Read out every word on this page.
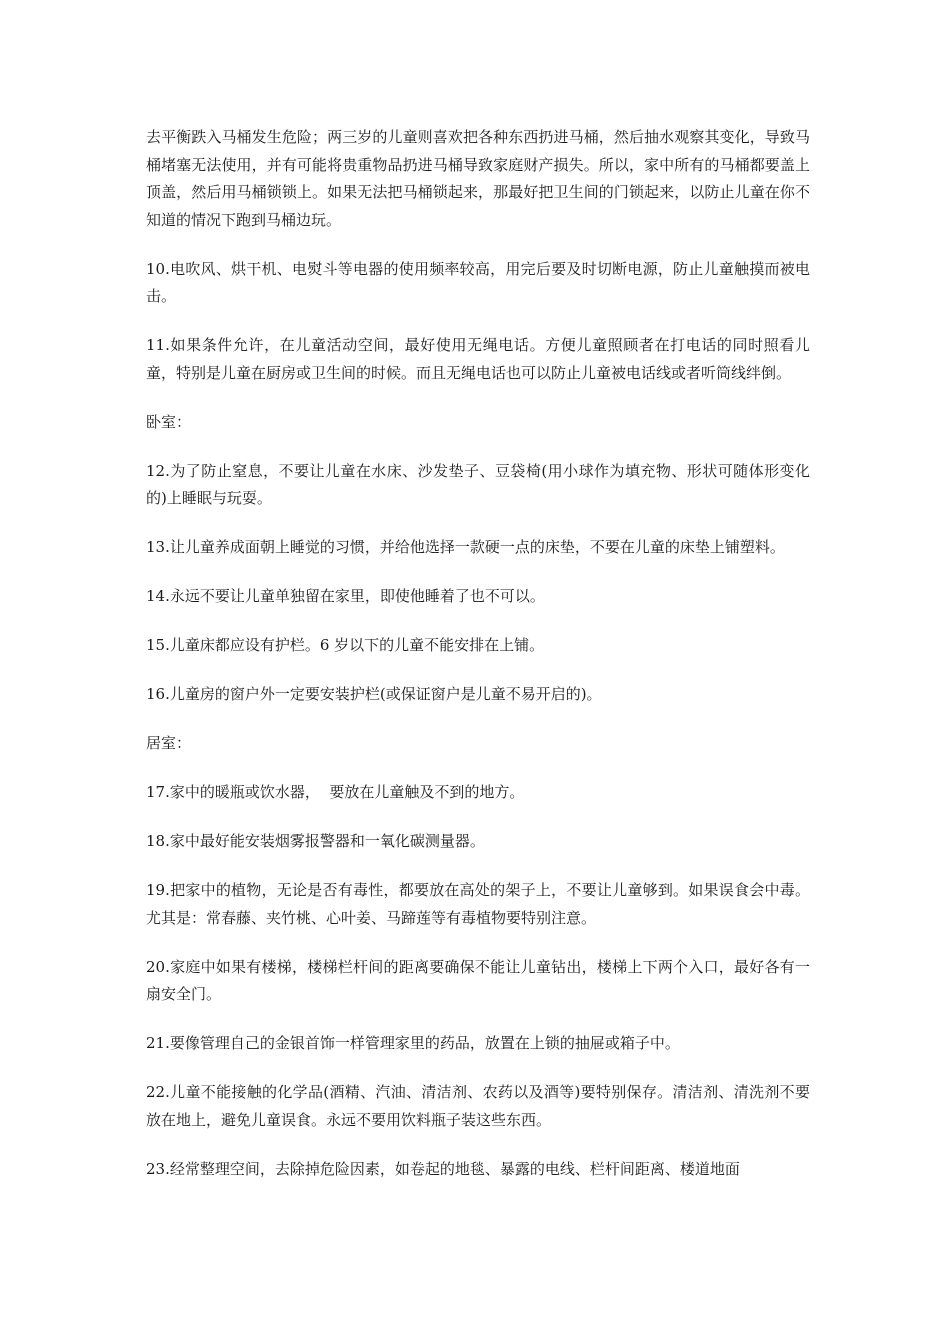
去平衡跌入马桶发生危险；两三岁的儿童则喜欢把各种东西扔进马桶，然后抽水观察其变化，导致马桶堵塞无法使用，并有可能将贵重物品扔进马桶导致家庭财产损失。所以，家中所有的马桶都要盖上顶盖，然后用马桶锁锁上。如果无法把马桶锁起来，那最好把卫生间的门锁起来，以防止儿童在你不知道的情况下跑到马桶边玩。

10.电吹风、烘干机、电熨斗等电器的使用频率较高，用完后要及时切断电源，防止儿童触摸而被电击。

11.如果条件允许，在儿童活动空间，最好使用无绳电话。方便儿童照顾者在打电话的同时照看儿童，特别是儿童在厨房或卫生间的时候。而且无绳电话也可以防止儿童被电话线或者听筒线绊倒。

卧室：

12.为了防止窒息，不要让儿童在水床、沙发垫子、豆袋椅(用小球作为填充物、形状可随体形变化的)上睡眠与玩耍。

13.让儿童养成面朝上睡觉的习惯，并给他选择一款硬一点的床垫，不要在儿童的床垫上铺塑料。

14.永远不要让儿童单独留在家里，即使他睡着了也不可以。

15.儿童床都应设有护栏。6 岁以下的儿童不能安排在上铺。

16.儿童房的窗户外一定要安装护栏(或保证窗户是儿童不易开启的)。

居室：

17.家中的暖瓶或饮水器，  要放在儿童触及不到的地方。

18.家中最好能安装烟雾报警器和一氧化碳测量器。

19.把家中的植物，无论是否有毒性，都要放在高处的架子上，不要让儿童够到。如果误食会中毒。尤其是：常春藤、夹竹桃、心叶姜、马蹄莲等有毒植物要特别注意。

20.家庭中如果有楼梯，楼梯栏杆间的距离要确保不能让儿童钻出，楼梯上下两个入口，最好各有一扇安全门。

21.要像管理自己的金银首饰一样管理家里的药品，放置在上锁的抽屉或箱子中。

22.儿童不能接触的化学品(酒精、汽油、清洁剂、农药以及酒等)要特别保存。清洁剂、清洗剂不要放在地上，避免儿童误食。永远不要用饮料瓶子装这些东西。

23.经常整理空间，去除掉危险因素，如卷起的地毯、暴露的电线、栏杆间距离、楼道地面
